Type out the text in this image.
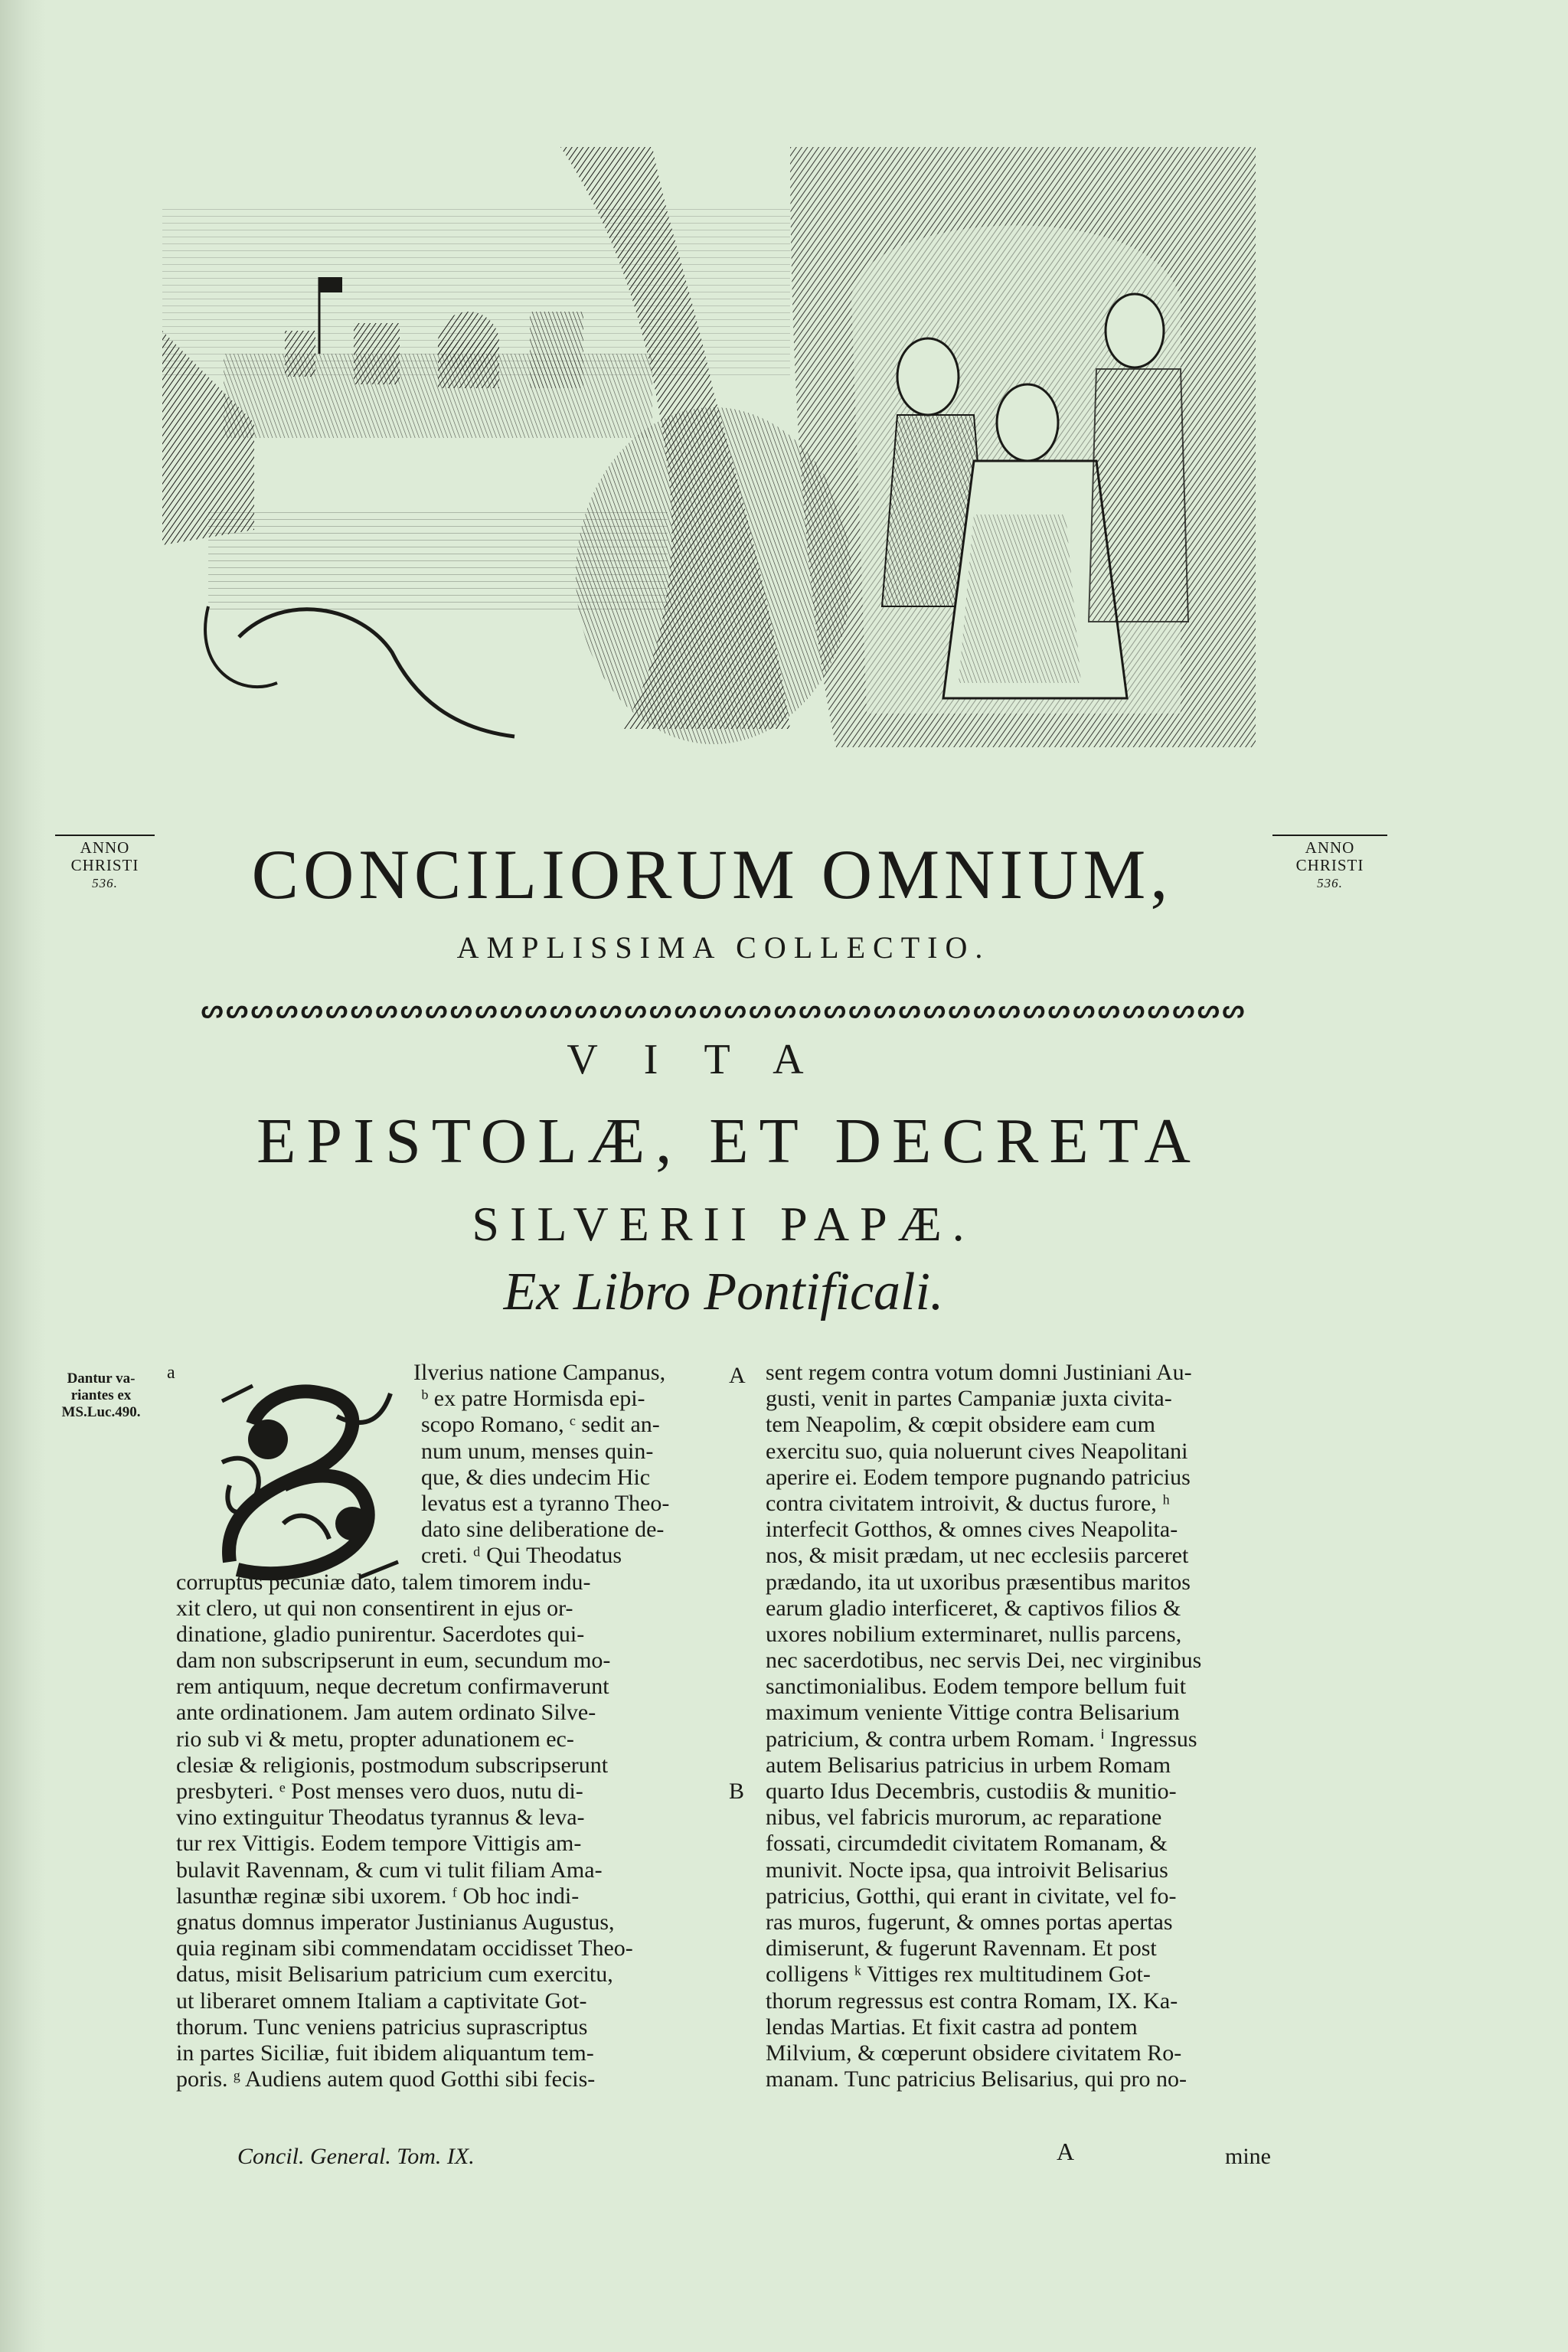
ANNO
CHRISTI
536.	CONCILIORUM OMNIUM,	ANNO
CHRISTI
536.
AMPLISSIMA COLLECTIO.
ᔕᔕᔕᔕᔕᔕᔕᔕᔕᔕᔕᔕᔕᔕᔕᔕᔕᔕᔕᔕᔕᔕᔕᔕᔕᔕᔕᔕᔕᔕᔕᔕᔕᔕᔕᔕᔕᔕᔕᔕᔕᔕ
VITA
EPISTOLÆ, ET DECRETA
SILVERII PAPÆ.
Ex Libro Pontificali.
Dantur va-
riantes ex
MS.Luc.490.
a	Ilverius natione Campanus,
ᵇ ex patre Hormisda epi-
scopo Romano, ᶜ sedit an-
num unum, menses quin-
que, & dies undecim Hic
levatus est a tyranno Theo-
dato sine deliberatione de-
creti. ᵈ Qui Theodatus
corruptus pecuniæ dato, talem timorem indu-
xit clero, ut qui non consentirent in ejus or-
dinatione, gladio punirentur. Sacerdotes qui-
dam non subscripserunt in eum, secundum mo-
rem antiquum, neque decretum confirmaverunt
ante ordinationem. Jam autem ordinato Silve-
rio sub vi & metu, propter adunationem ec-
clesiæ & religionis, postmodum subscripserunt
presbyteri. ᵉ Post menses vero duos, nutu di-
vino extinguitur Theodatus tyrannus & leva-
tur rex Vittigis. Eodem tempore Vittigis am-
bulavit Ravennam, & cum vi tulit filiam Ama-
lasunthæ reginæ sibi uxorem. ᶠ Ob hoc indi-
gnatus domnus imperator Justinianus Augustus,
quia reginam sibi commendatam occidisset Theo-
datus, misit Belisarium patricium cum exercitu,
ut liberaret omnem Italiam a captivitate Got-
thorum. Tunc veniens patricius suprascriptus
in partes Siciliæ, fuit ibidem aliquantum tem-
poris. ᵍ Audiens autem quod Gotthi sibi fecis-
A
B
sent regem contra votum domni Justiniani Au-
gusti, venit in partes Campaniæ juxta civita-
tem Neapolim, & cœpit obsidere eam cum
exercitu suo, quia noluerunt cives Neapolitani
aperire ei. Eodem tempore pugnando patricius
contra civitatem introivit, & ductus furore, ʰ
interfecit Gotthos, & omnes cives Neapolita-
nos, & misit prædam, ut nec ecclesiis parceret
prædando, ita ut uxoribus præsentibus maritos
earum gladio interficeret, & captivos filios &
uxores nobilium exterminaret, nullis parcens,
nec sacerdotibus, nec servis Dei, nec virginibus
sanctimonialibus. Eodem tempore bellum fuit
maximum veniente Vittige contra Belisarium
patricium, & contra urbem Romam. ⁱ Ingressus
autem Belisarius patricius in urbem Romam
quarto Idus Decembris, custodiis & munitio-
nibus, vel fabricis murorum, ac reparatione
fossati, circumdedit civitatem Romanam, &
munivit. Nocte ipsa, qua introivit Belisarius
patricius, Gotthi, qui erant in civitate, vel fo-
ras muros, fugerunt, & omnes portas apertas
dimiserunt, & fugerunt Ravennam. Et post
colligens ᵏ Vittiges rex multitudinem Got-
thorum regressus est contra Romam, IX. Ka-
lendas Martias. Et fixit castra ad pontem
Milvium, & cœperunt obsidere civitatem Ro-
manam. Tunc patricius Belisarius, qui pro no-
Concil. General. Tom. IX.	A	mine
